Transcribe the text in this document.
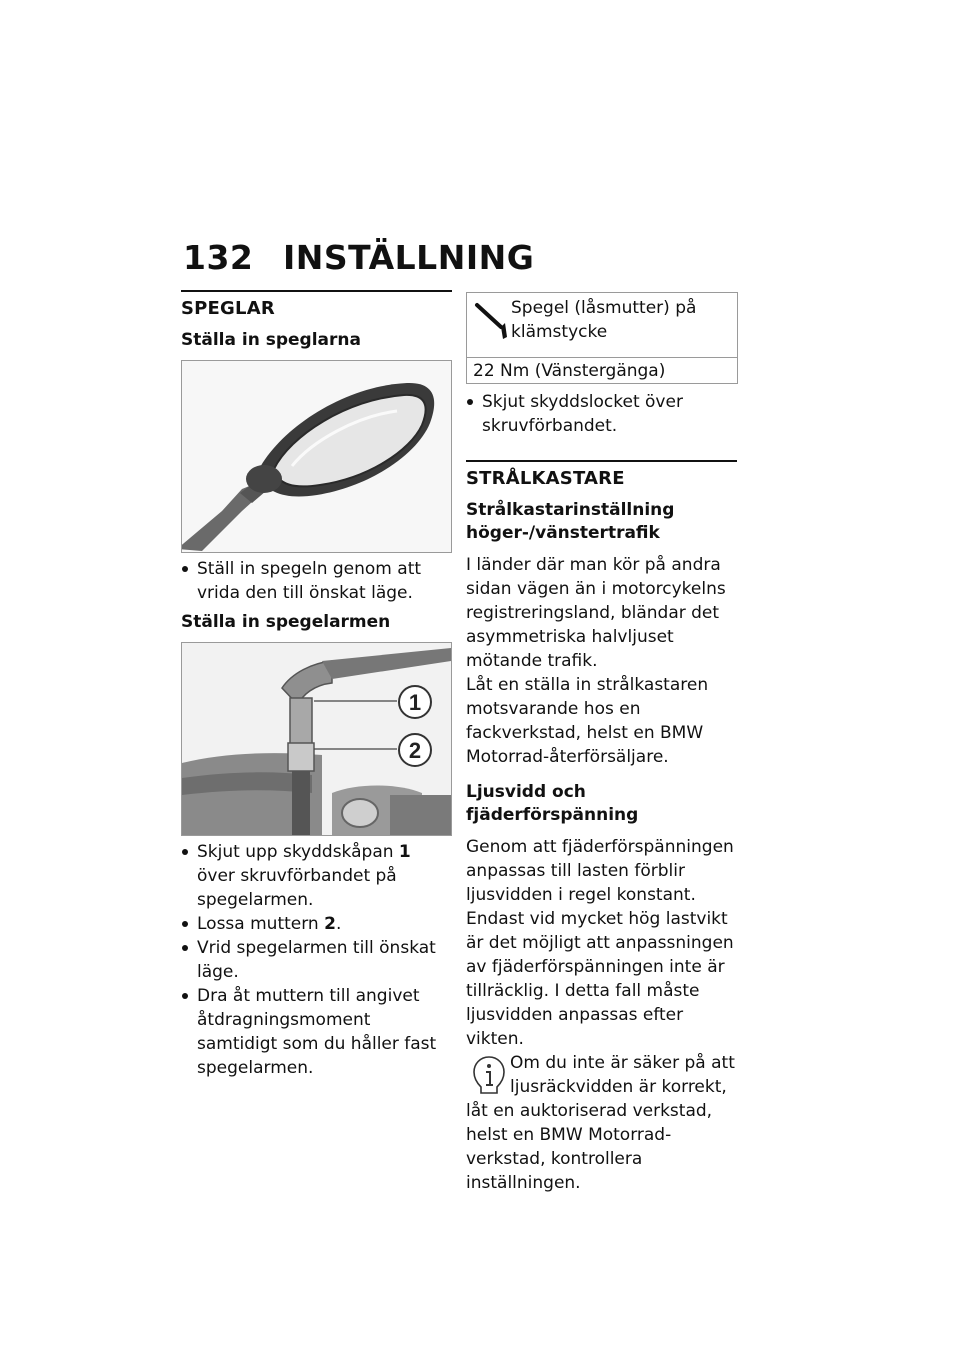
132 INSTÄLLNING
SPEGLAR
Ställa in speglarna
Ställ in spegeln genom att vrida den till önskat läge.
Ställa in spegelarmen
1
2
Skjut upp skyddskåpan 1 över skruvförbandet på spegelarmen.
Lossa muttern 2.
Vrid spegelarmen till önskat läge.
Dra åt muttern till angivet åtdragningsmoment samtidigt som du håller fast spegelarmen.
Spegel (låsmutter) på klämstycke
22 Nm (Vänstergänga)
Skjut skyddslocket över skruvförbandet.
STRÅLKASTARE
Strålkastarinställning höger-/vänstertrafik

I länder där man kör på andra sidan vägen än i motorcykelns registreringsland, bländar det asymmetriska halvljuset mötande trafik.

Låt en ställa in strålkastaren motsvarande hos en fackverkstad, helst en BMW Motorrad-återförsäljare.

Ljusvidd och fjäderförspänning

Genom att fjäderförspänningen anpassas till lasten förblir ljusvidden i regel konstant.

Endast vid mycket hög lastvikt är det möjligt att anpassningen av fjäderförspänningen inte är tillräcklig. I detta fall måste ljusvidden anpassas efter vikten.

Om du inte är säker på att ljusräckvidden är korrekt,
låt en auktoriserad verkstad, helst en BMW Motorrad-verkstad, kontrollera inställningen.
